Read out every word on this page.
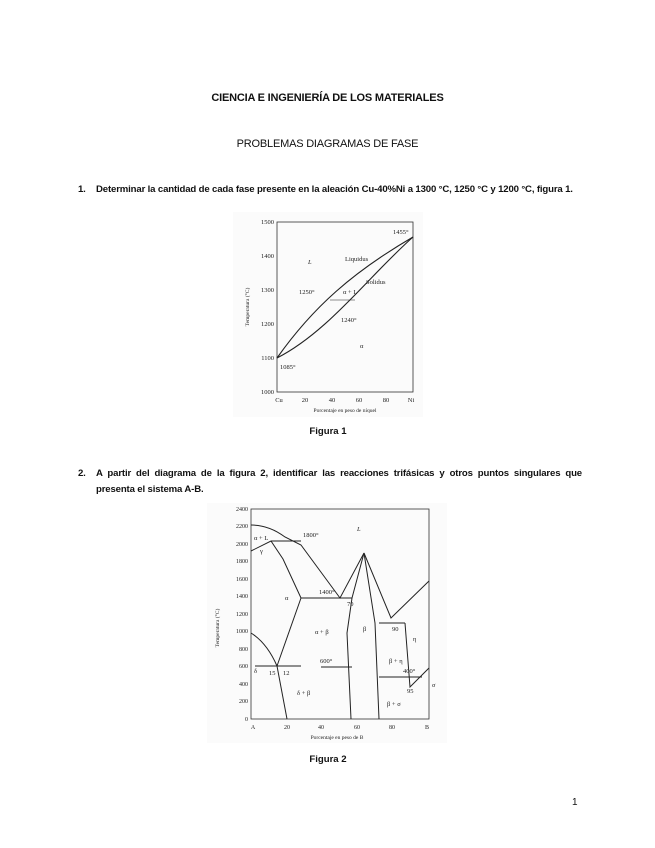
CIENCIA E INGENIERÍA DE LOS MATERIALES
PROBLEMAS DIAGRAMAS DE FASE
1. Determinar la cantidad de cada fase presente en la aleación Cu-40%Ni a 1300 °C, 1250 °C y 1200 °C, figura 1.
1500
1400
1300
1200
1100
1000
Cu	20	40	60	80	Ni
Porcentaje en peso de níquel
Temperatura (°C)
L	Liquidus
Solidus
α + L
α
1455°
1250°
1085°
1240°
Figura 1
2. A partir del diagrama de la figura 2, identificar las reacciones trifásicas y otros puntos singulares que presenta el sistema A-B.
2400
2200
2000
1800
1600
1400
1200
1000
800
600
400
200
0
A	20	40	60	80	B
Porcentaje en peso de B
Temperatura (°C)
L
α + L
γ
1800°
1400°
600°
400°
70
12
15
90
95
α
α + β	β
η
β + η
δ + β
β + σ
δ
σ
Figura 2
1
